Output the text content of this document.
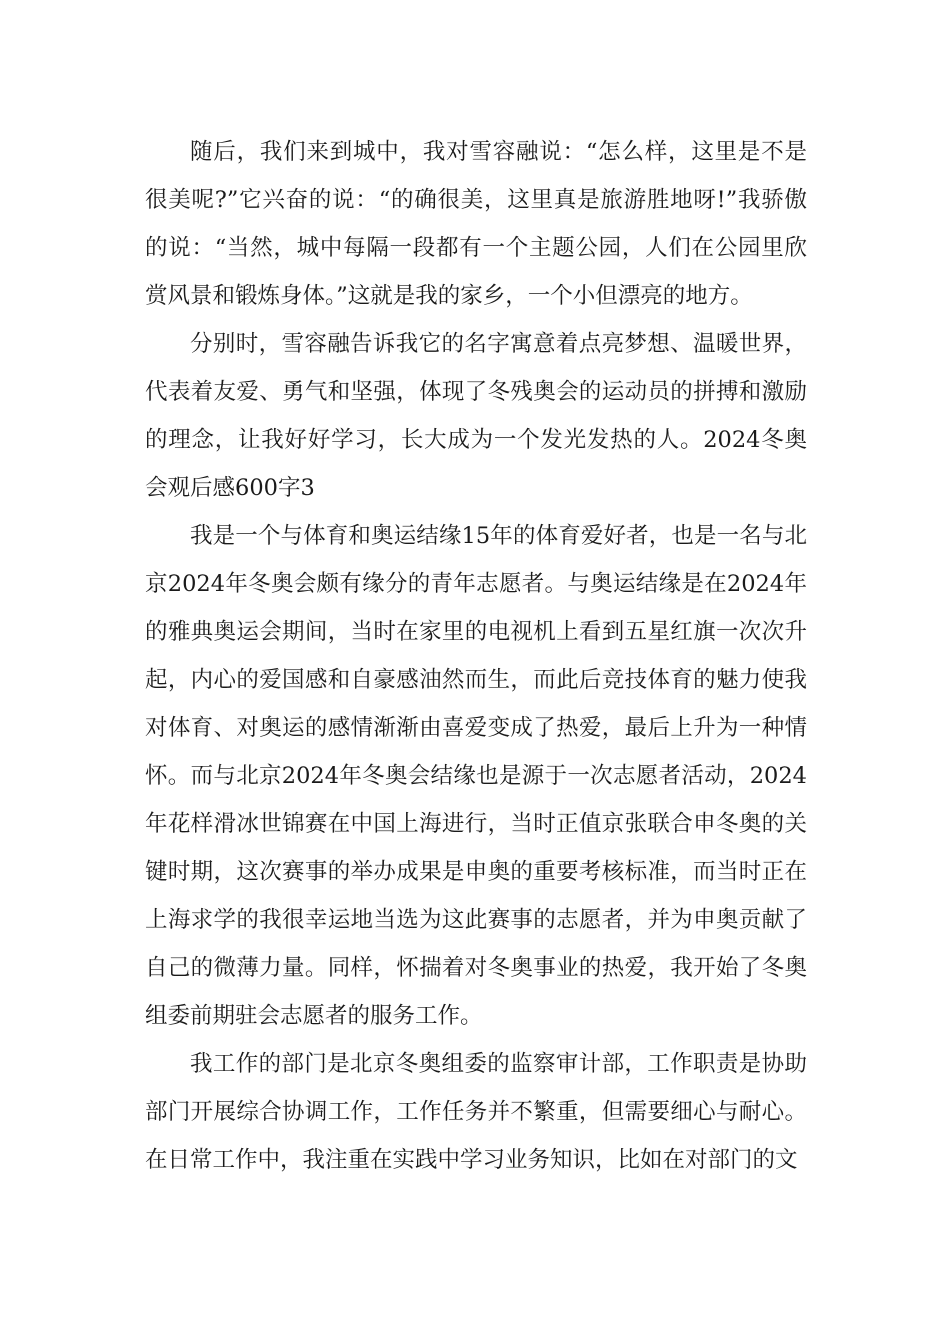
随后，我们来到城中，我对雪容融说：“怎么样，这里是不是很美呢?”它兴奋的说：“的确很美，这里真是旅游胜地呀!”我骄傲的说：“当然，城中每隔一段都有一个主题公园，人们在公园里欣赏风景和锻炼身体。”这就是我的家乡，一个小但漂亮的地方。

分别时，雪容融告诉我它的名字寓意着点亮梦想、温暖世界，代表着友爱、勇气和坚强，体现了冬残奥会的运动员的拼搏和激励的理念，让我好好学习，长大成为一个发光发热的人。2024冬奥会观后感600字3

我是一个与体育和奥运结缘15年的体育爱好者，也是一名与北京2024年冬奥会颇有缘分的青年志愿者。与奥运结缘是在2024年的雅典奥运会期间，当时在家里的电视机上看到五星红旗一次次升起，内心的爱国感和自豪感油然而生，而此后竞技体育的魅力使我对体育、对奥运的感情渐渐由喜爱变成了热爱，最后上升为一种情怀。而与北京2024年冬奥会结缘也是源于一次志愿者活动，2024年花样滑冰世锦赛在中国上海进行，当时正值京张联合申冬奥的关键时期，这次赛事的举办成果是申奥的重要考核标准，而当时正在上海求学的我很幸运地当选为这此赛事的志愿者，并为申奥贡献了自己的微薄力量。同样，怀揣着对冬奥事业的热爱，我开始了冬奥组委前期驻会志愿者的服务工作。

我工作的部门是北京冬奥组委的监察审计部，工作职责是协助部门开展综合协调工作，工作任务并不繁重，但需要细心与耐心。在日常工作中，我注重在实践中学习业务知识，比如在对部门的文
